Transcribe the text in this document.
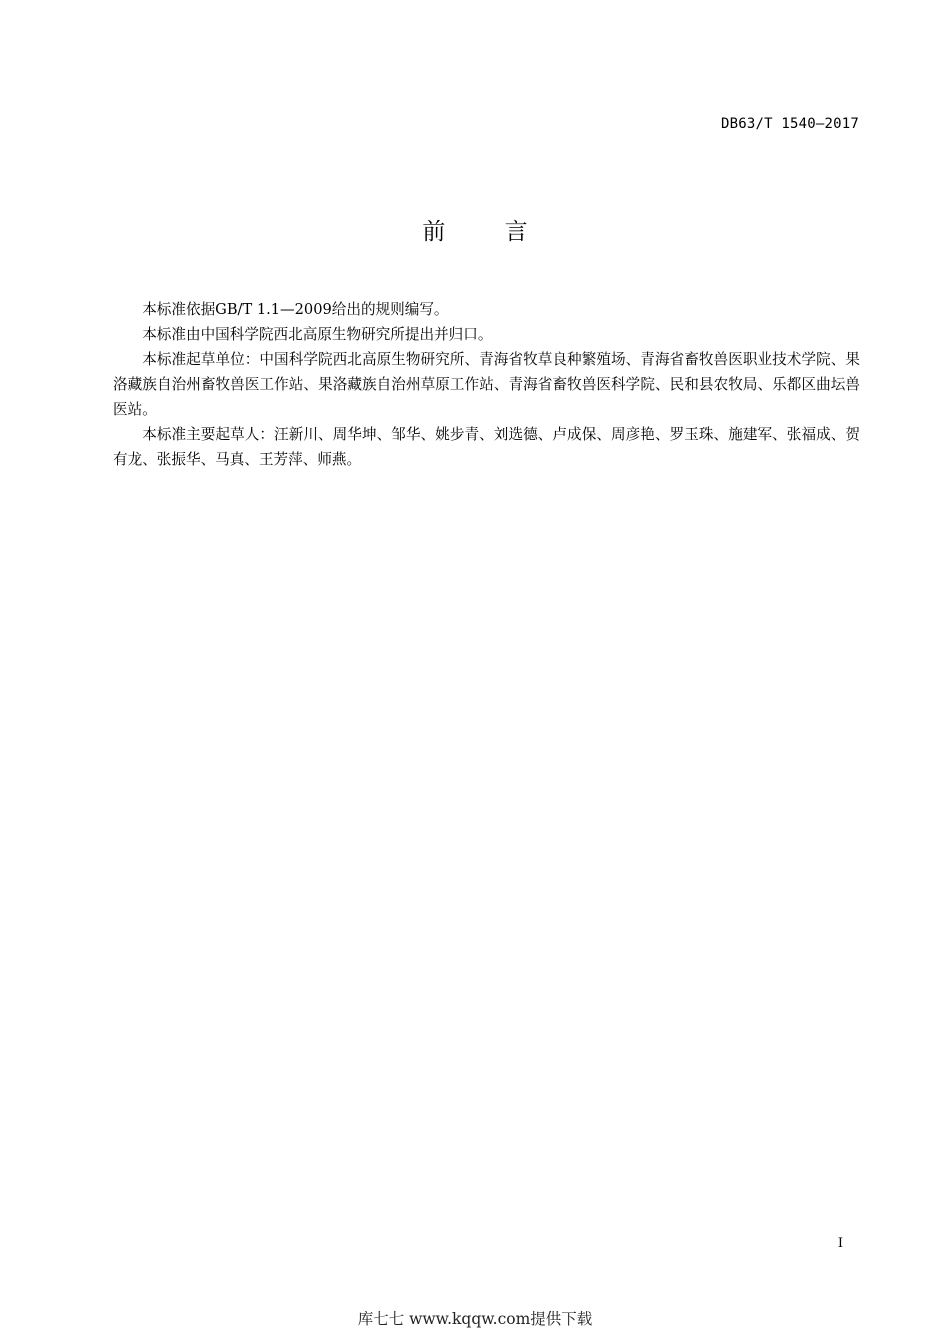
DB63/T 1540—2017
前 言

本标准依据GB/T 1.1—2009给出的规则编写。

本标准由中国科学院西北高原生物研究所提出并归口。

本标准起草单位：中国科学院西北高原生物研究所、青海省牧草良种繁殖场、青海省畜牧兽医职业技术学院、果洛藏族自治州畜牧兽医工作站、果洛藏族自治州草原工作站、青海省畜牧兽医科学院、民和县农牧局、乐都区曲坛兽医站。

本标准主要起草人：汪新川、周华坤、邹华、姚步青、刘选德、卢成保、周彦艳、罗玉珠、施建军、张福成、贺有龙、张振华、马真、王芳萍、师燕。

I
库七七 www.kqqw.com提供下载
